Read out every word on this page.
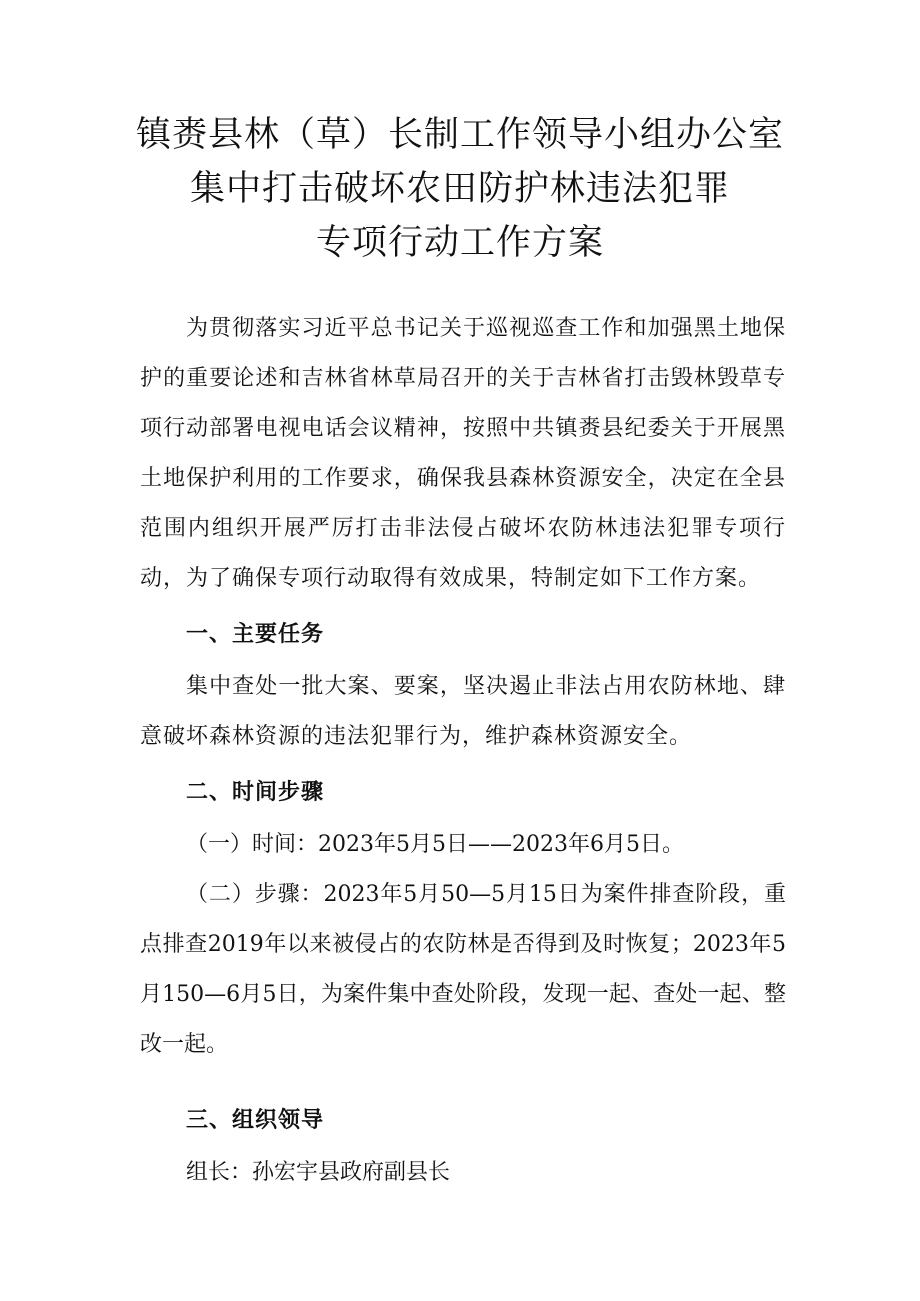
镇赉县林（草）长制工作领导小组办公室
集中打击破坏农田防护林违法犯罪
专项行动工作方案

为贯彻落实习近平总书记关于巡视巡查工作和加强黑土地保护的重要论述和吉林省林草局召开的关于吉林省打击毁林毁草专项行动部署电视电话会议精神，按照中共镇赉县纪委关于开展黑土地保护利用的工作要求，确保我县森林资源安全，决定在全县范围内组织开展严厉打击非法侵占破坏农防林违法犯罪专项行动，为了确保专项行动取得有效成果，特制定如下工作方案。

一、主要任务

集中查处一批大案、要案，坚决遏止非法占用农防林地、肆意破坏森林资源的违法犯罪行为，维护森林资源安全。

二、时间步骤

（一）时间：2023年5月5日——2023年6月5日。

（二）步骤：2023年5月50—5月15日为案件排查阶段，重点排查2019年以来被侵占的农防林是否得到及时恢复；2023年5月150—6月5日，为案件集中查处阶段，发现一起、查处一起、整改一起。

三、组织领导

组长：孙宏宇县政府副县长
